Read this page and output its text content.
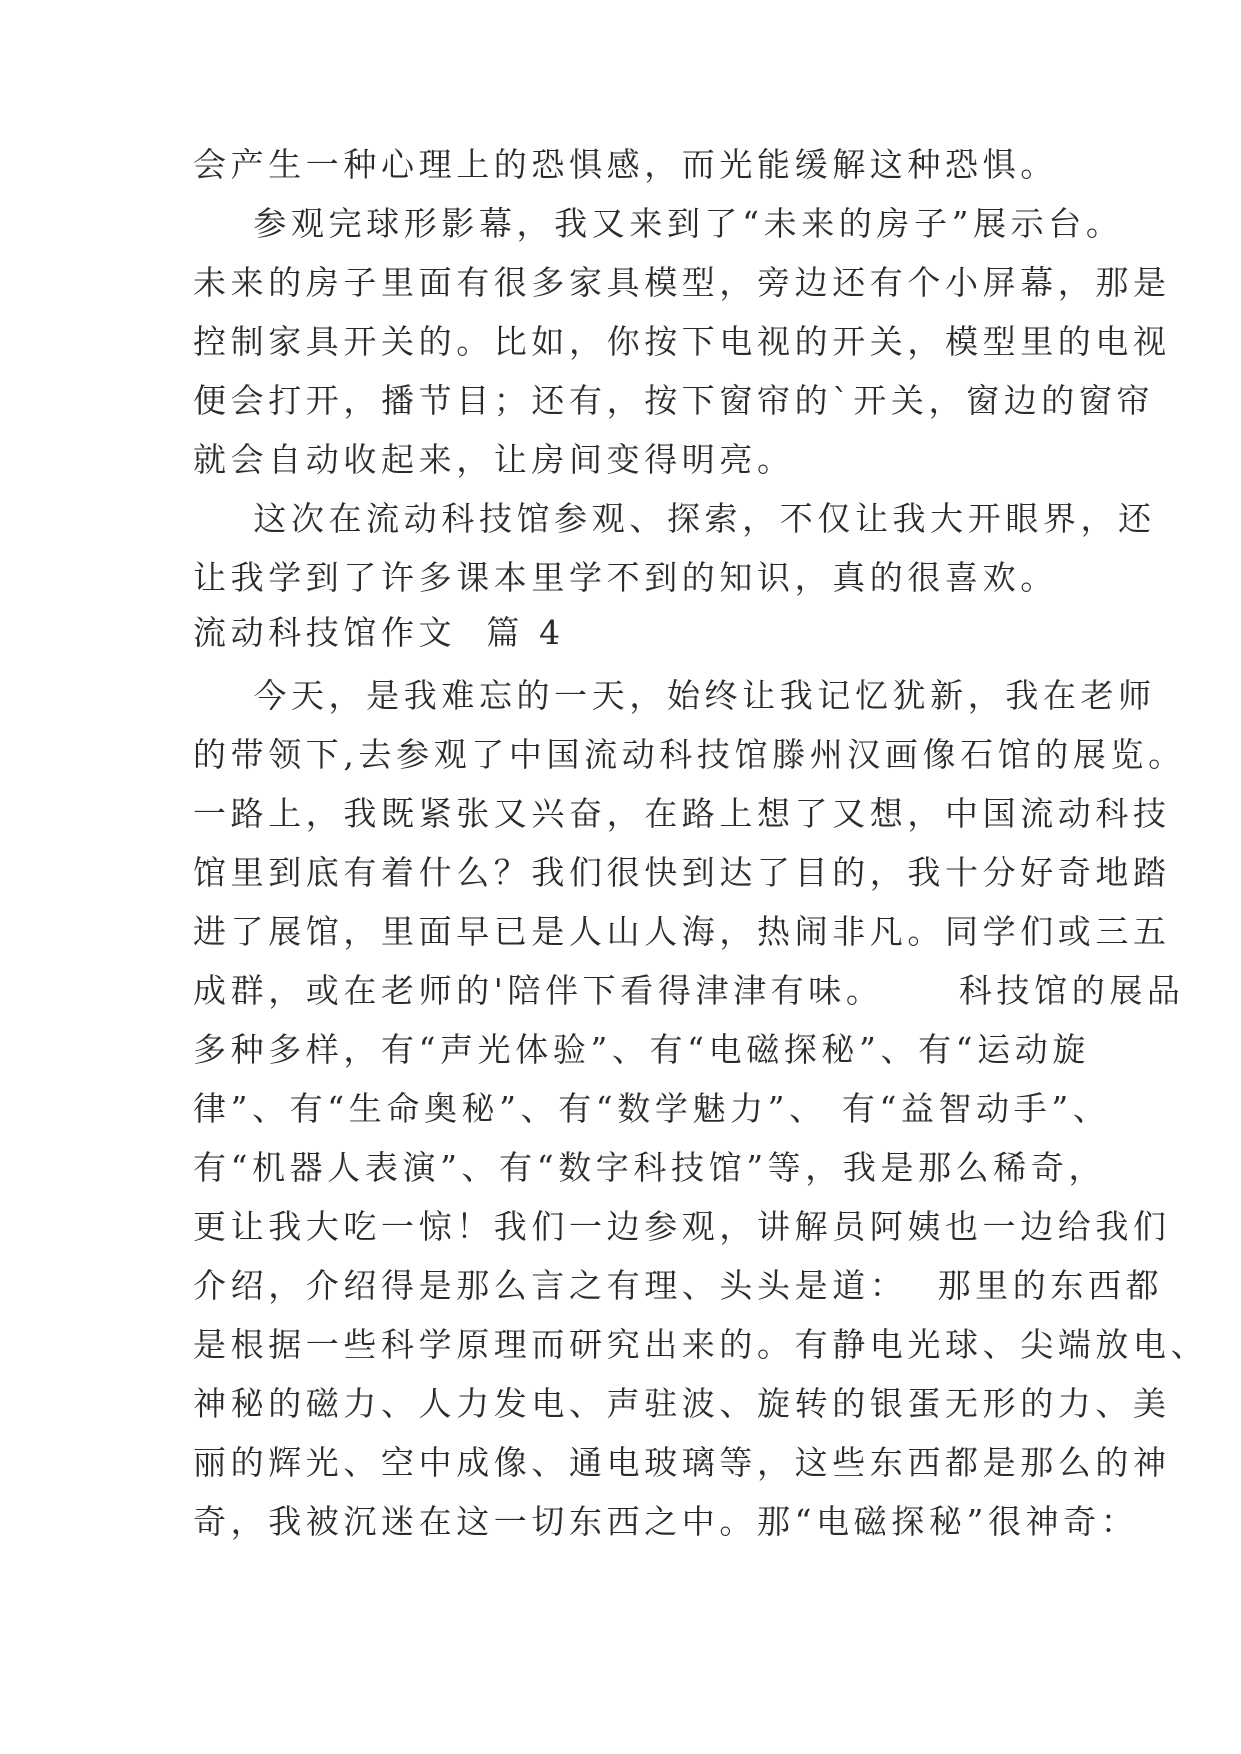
会产生一种心理上的恐惧感，而光能缓解这种恐惧。
参观完球形影幕，我又来到了“未来的房子”展示台。
未来的房子里面有很多家具模型，旁边还有个小屏幕，那是
控制家具开关的。比如，你按下电视的开关，模型里的电视
便会打开，播节目；还有，按下窗帘的`开关，窗边的窗帘
就会自动收起来，让房间变得明亮。
这次在流动科技馆参观、探索，不仅让我大开眼界，还
让我学到了许多课本里学不到的知识，真的很喜欢。
流动科技馆作文  篇 4
今天，是我难忘的一天，始终让我记忆犹新，我在老师
的带领下,去参观了中国流动科技馆滕州汉画像石馆的展览。
一路上，我既紧张又兴奋，在路上想了又想，中国流动科技
馆里到底有着什么？我们很快到达了目的，我十分好奇地踏
进了展馆，里面早已是人山人海，热闹非凡。同学们或三五
成群，或在老师的'陪伴下看得津津有味。     科技馆的展品
多种多样，有“声光体验”、有“电磁探秘”、有“运动旋
律”、有“生命奥秘”、有“数学魅力”、 有“益智动手”、
有“机器人表演”、有“数字科技馆”等，我是那么稀奇，
更让我大吃一惊！我们一边参观，讲解员阿姨也一边给我们
介绍，介绍得是那么言之有理、头头是道：  那里的东西都
是根据一些科学原理而研究出来的。有静电光球、尖端放电、
神秘的磁力、人力发电、声驻波、旋转的银蛋无形的力、美
丽的辉光、空中成像、通电玻璃等，这些东西都是那么的神
奇，我被沉迷在这一切东西之中。那“电磁探秘”很神奇：
